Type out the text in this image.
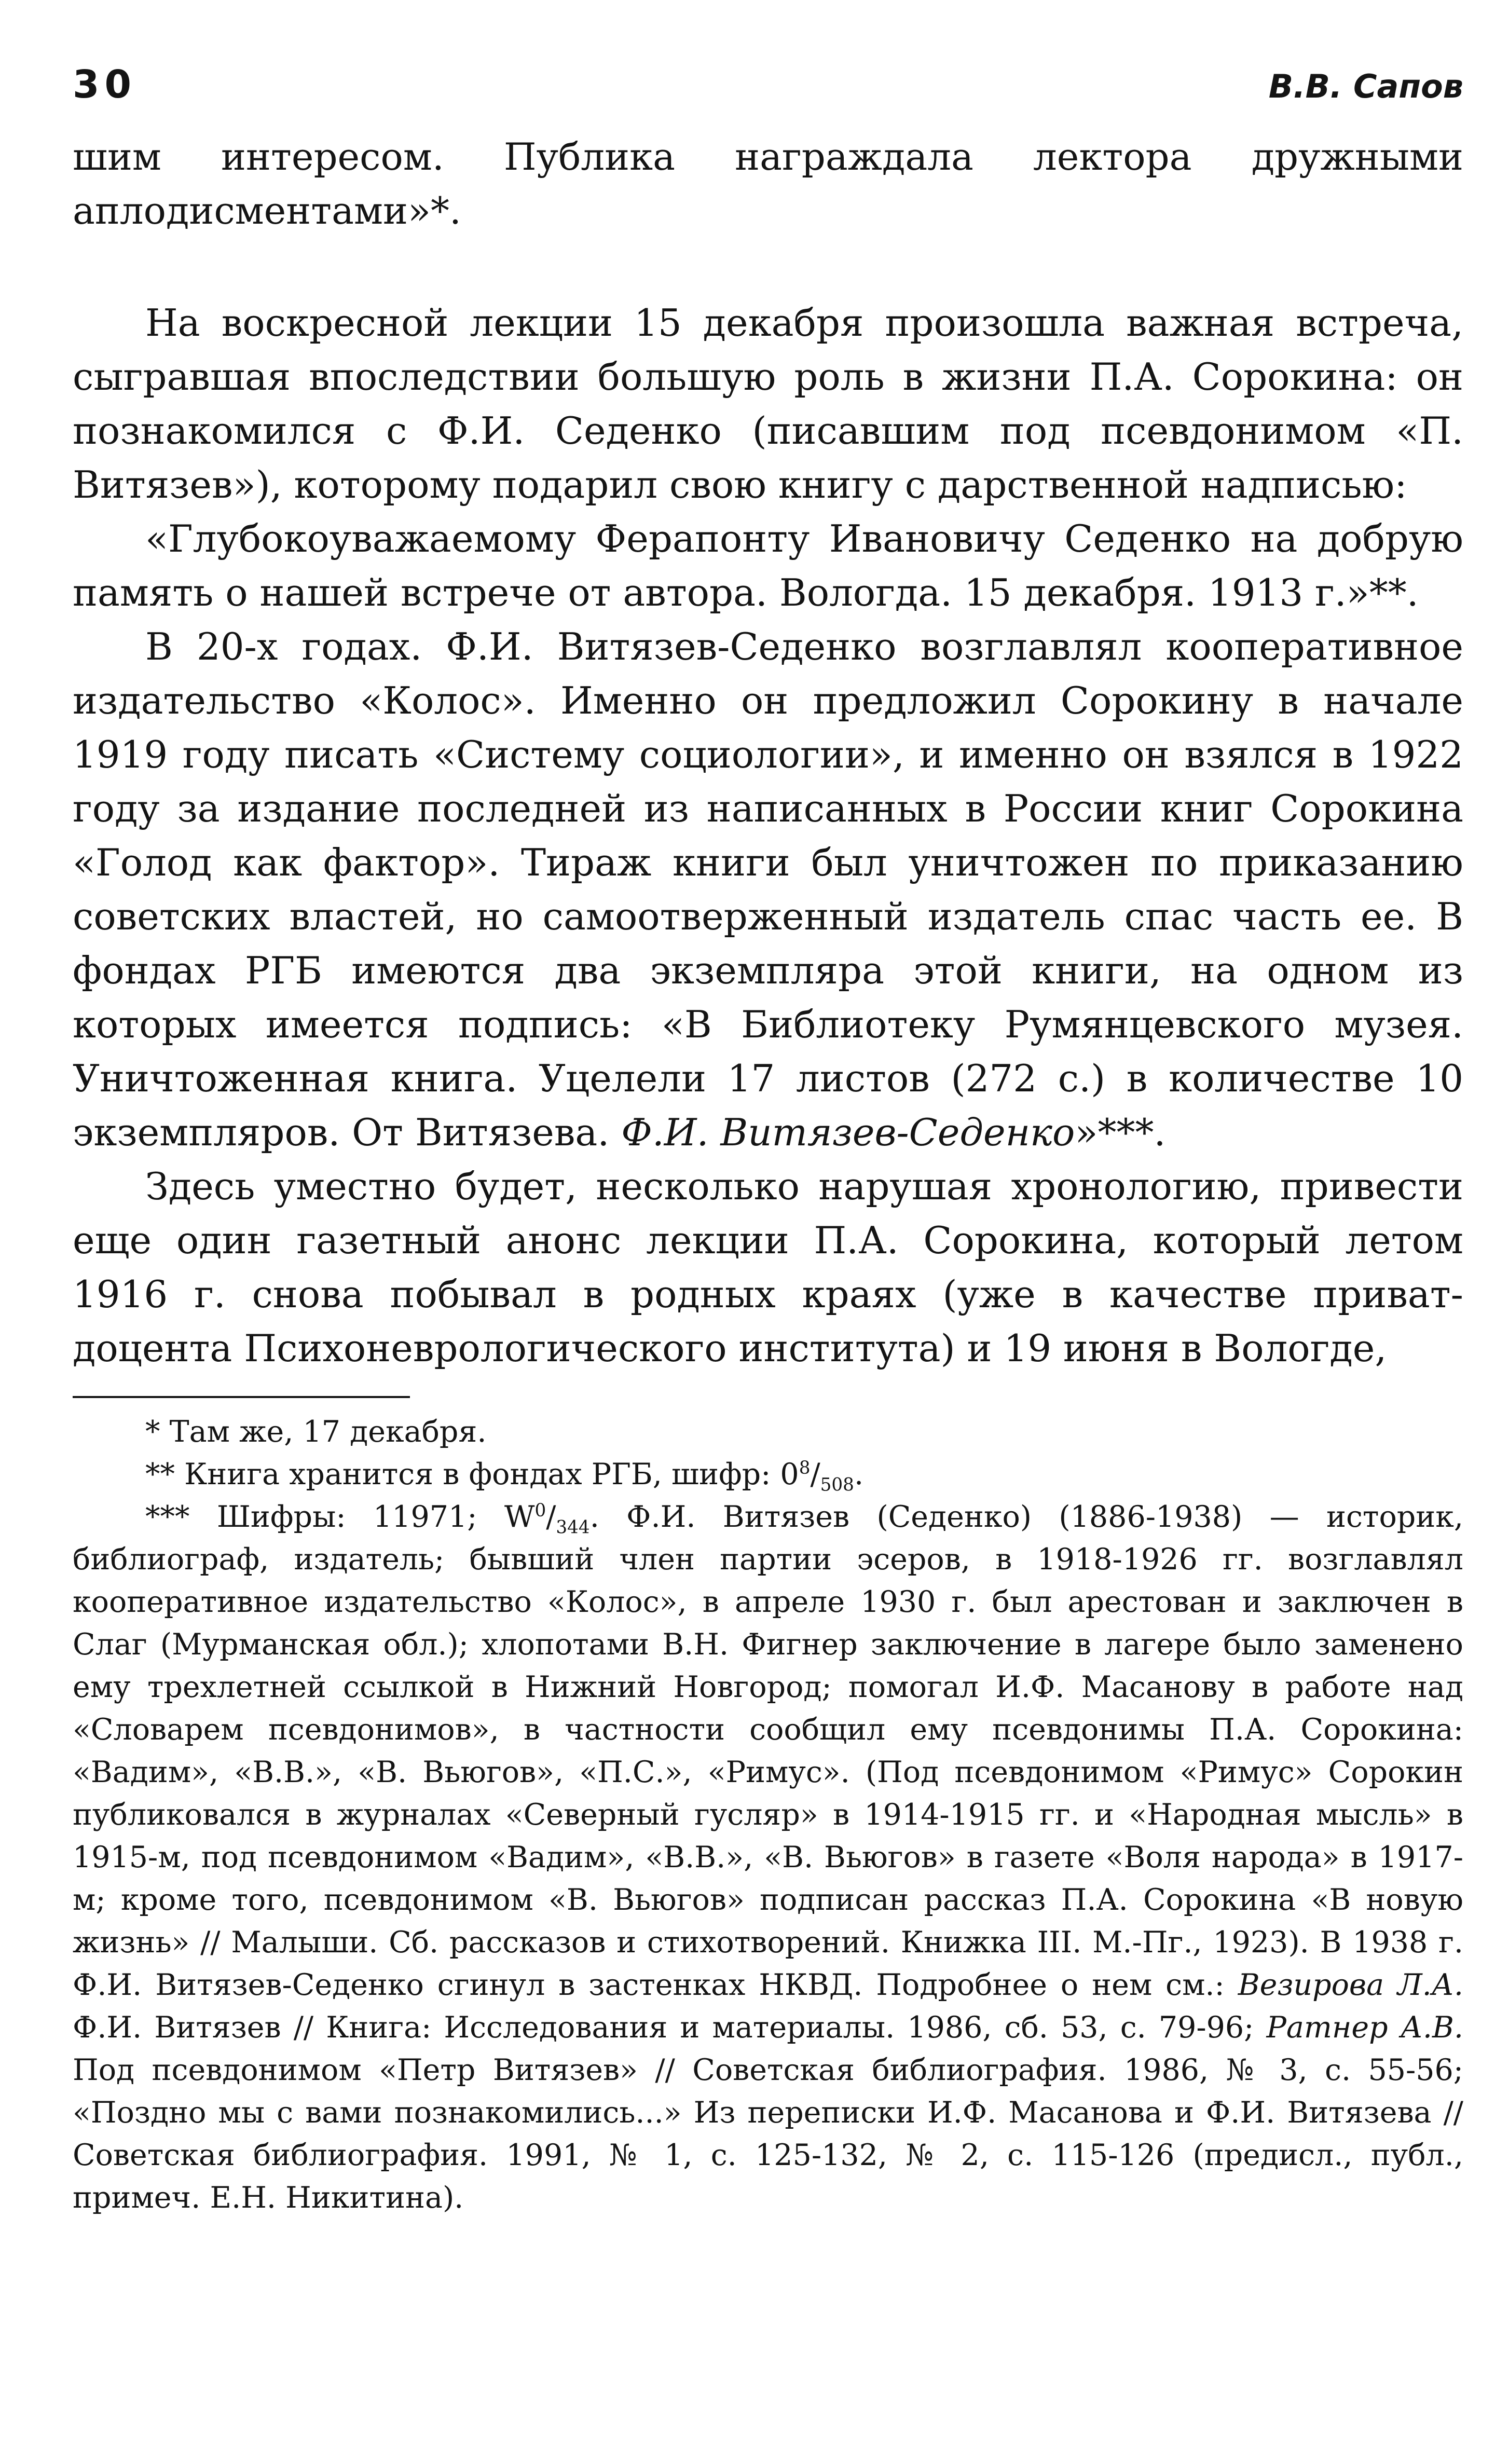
30	В.В. Сапов

шим интересом. Публика награждала лектора дружными аплодисментами»*.

На воскресной лекции 15 декабря произошла важная встреча, сыгравшая впоследствии большую роль в жизни П.А. Сорокина: он познакомился с Ф.И. Седенко (писавшим под псевдонимом «П. Витязев»), которому подарил свою книгу с дарственной надписью:

«Глубокоуважаемому Ферапонту Ивановичу Седенко на добрую память о нашей встрече от автора. Вологда. 15 декабря. 1913 г.»**.

В 20-х годах. Ф.И. Витязев-Седенко возглавлял кооперативное издательство «Колос». Именно он предложил Сорокину в начале 1919 году писать «Систему социологии», и именно он взялся в 1922 году за издание последней из написанных в России книг Сорокина «Голод как фактор». Тираж книги был уничтожен по приказанию советских властей, но самоотверженный издатель спас часть ее. В фондах РГБ имеются два экземпляра этой книги, на одном из которых имеется подпись: «В Библиотеку Румянцевского музея. Уничтоженная книга. Уцелели 17 листов (272 с.) в количестве 10 экземпляров. От Витязева. Ф.И. Витязев-Седенко»***.

Здесь уместно будет, несколько нарушая хронологию, привести еще один газетный анонс лекции П.А. Сорокина, который летом 1916 г. снова побывал в родных краях (уже в качестве приват-доцента Психоневрологического института) и 19 июня в Вологде,

* Там же, 17 декабря.

** Книга хранится в фондах РГБ, шифр: $0^8/_{508}$.

*** Шифры: 11971; $W^0/_{344}$. Ф.И. Витязев (Седенко) (1886-1938) — историк, библиограф, издатель; бывший член партии эсеров, в 1918-1926 гг. возглавлял кооперативное издательство «Колос», в апреле 1930 г. был арестован и заключен в Слаг (Мурманская обл.); хлопотами В.Н. Фигнер заключение в лагере было заменено ему трехлетней ссылкой в Нижний Новгород; помогал И.Ф. Масанову в работе над «Словарем псевдонимов», в частности сообщил ему псевдонимы П.А. Сорокина: «Вадим», «В.В.», «В. Вьюгов», «П.С.», «Римус». (Под псевдонимом «Римус» Сорокин публиковался в журналах «Северный гусляр» в 1914-1915 гг. и «Народная мысль» в 1915-м, под псевдонимом «Вадим», «В.В.», «В. Вьюгов» в газете «Воля народа» в 1917-м; кроме того, псевдонимом «В. Вьюгов» подписан рассказ П.А. Сорокина «В новую жизнь» // Малыши. Сб. рассказов и стихотворений. Книжка III. М.-Пг., 1923). В 1938 г. Ф.И. Витязев-Седенко сгинул в застенках НКВД. Подробнее о нем см.: Везирова Л.А. Ф.И. Витязев // Книга: Исследования и материалы. 1986, сб. 53, с. 79-96; Ратнер А.В. Под псевдонимом «Петр Витязев» // Советская библиография. 1986, № 3, с. 55-56; «Поздно мы с вами познакомились...» Из переписки И.Ф. Масанова и Ф.И. Витязева // Советская библиография. 1991, № 1, с. 125-132, № 2, с. 115-126 (предисл., публ., примеч. Е.Н. Никитина).
